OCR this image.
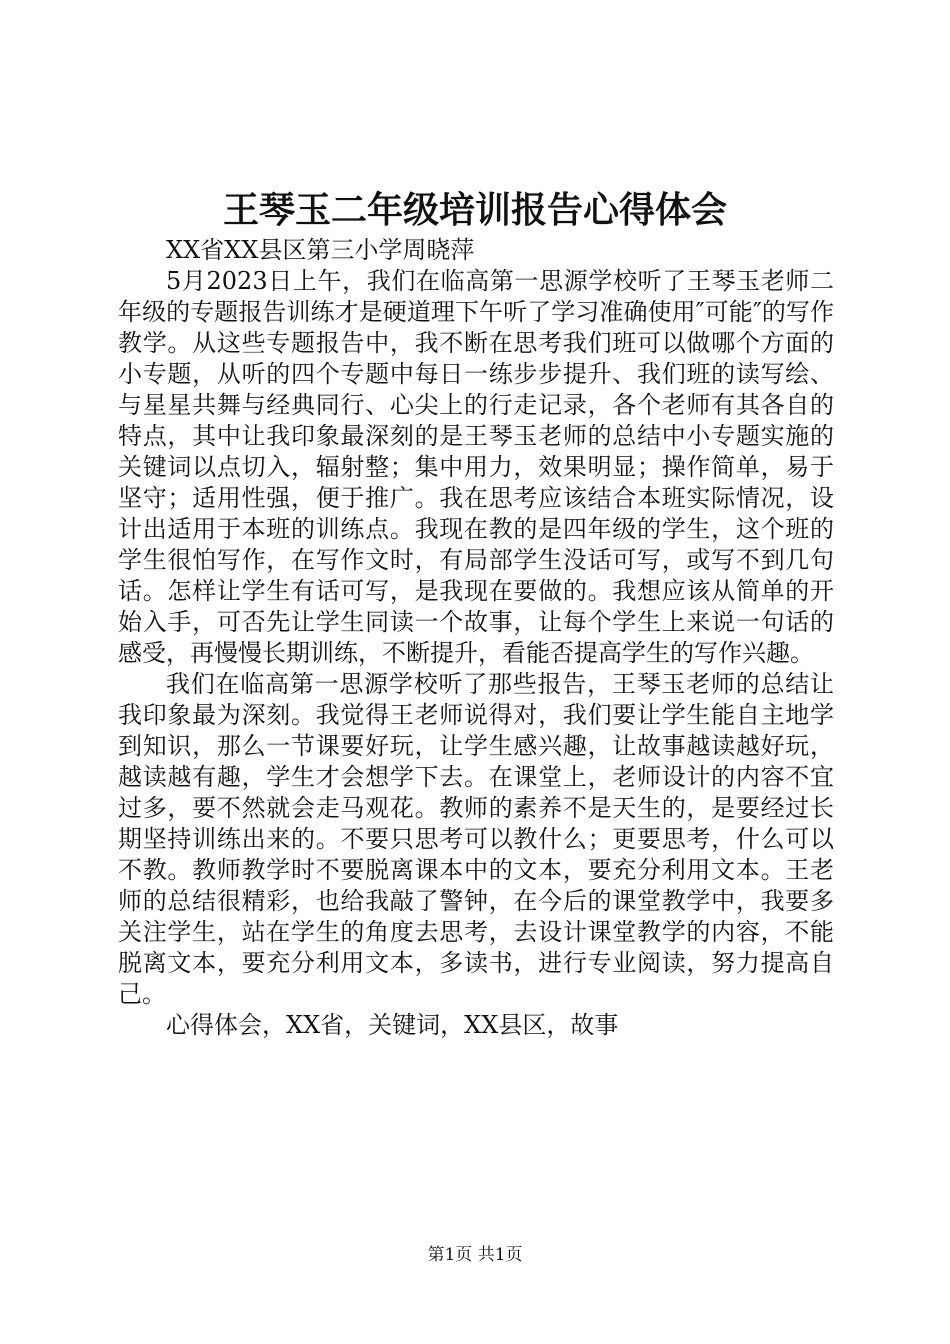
王琴玉二年级培训报告心得体会

XX省XX县区第三小学周晓萍

5月2023日上午，我们在临高第一思源学校听了王琴玉老师二年级的专题报告训练才是硬道理下午听了学习准确使用″可能″的写作教学。从这些专题报告中，我不断在思考我们班可以做哪个方面的小专题，从听的四个专题中每日一练步步提升、我们班的读写绘、与星星共舞与经典同行、心尖上的行走记录，各个老师有其各自的特点，其中让我印象最深刻的是王琴玉老师的总结中小专题实施的关键词以点切入，辐射整；集中用力，效果明显；操作简单，易于坚守；适用性强，便于推广。我在思考应该结合本班实际情况，设计出适用于本班的训练点。我现在教的是四年级的学生，这个班的学生很怕写作，在写作文时，有局部学生没话可写，或写不到几句话。怎样让学生有话可写，是我现在要做的。我想应该从简单的开始入手，可否先让学生同读一个故事，让每个学生上来说一句话的感受，再慢慢长期训练，不断提升，看能否提高学生的写作兴趣。

我们在临高第一思源学校听了那些报告，王琴玉老师的总结让我印象最为深刻。我觉得王老师说得对，我们要让学生能自主地学到知识，那么一节课要好玩，让学生感兴趣，让故事越读越好玩，越读越有趣，学生才会想学下去。在课堂上，老师设计的内容不宜过多，要不然就会走马观花。教师的素养不是天生的，是要经过长期坚持训练出来的。不要只思考可以教什么；更要思考，什么可以不教。教师教学时不要脱离课本中的文本，要充分利用文本。王老师的总结很精彩，也给我敲了警钟，在今后的课堂教学中，我要多关注学生，站在学生的角度去思考，去设计课堂教学的内容，不能脱离文本，要充分利用文本，多读书，进行专业阅读，努力提高自己。

心得体会，XX省，关键词，XX县区，故事

第1页 共1页
